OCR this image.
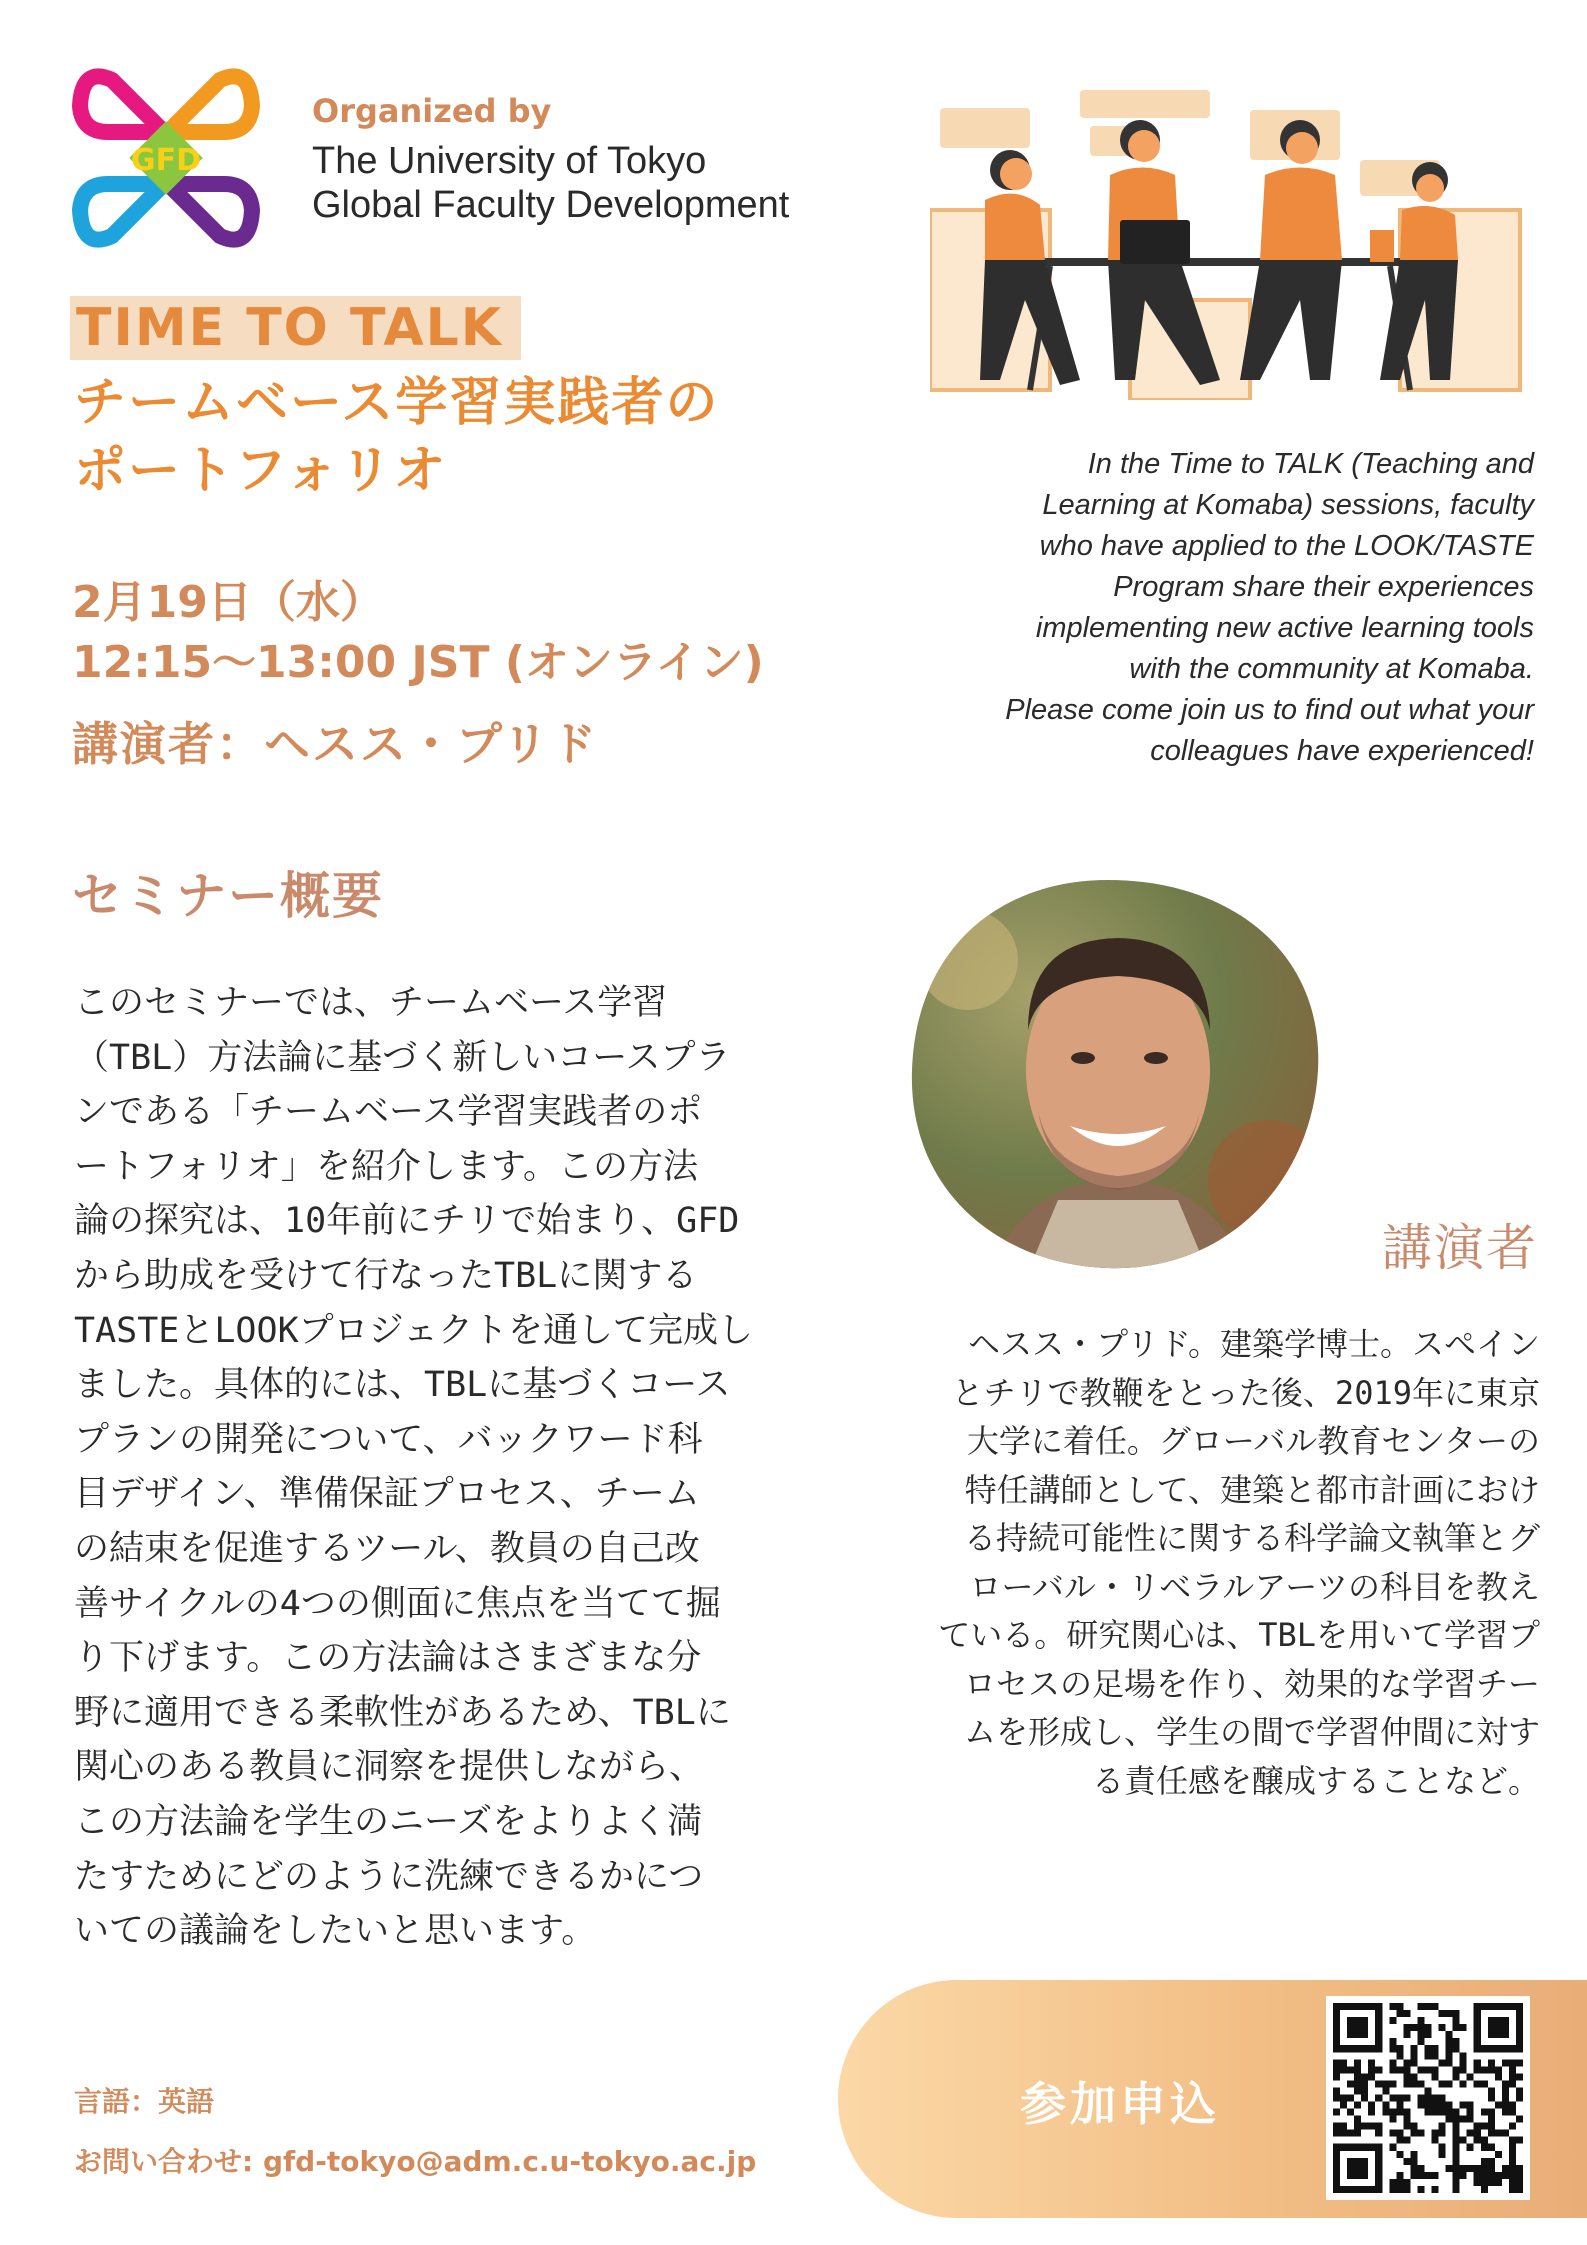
GFD
Organized by
The University of Tokyo
Global Faculty Development
TIME TO TALK
チームベース学習実践者の
ポートフォリオ
2月19日（水）
12:15〜13:00 JST (オンライン)
講演者：ヘスス・プリド
In the Time to TALK (Teaching and
Learning at Komaba) sessions, faculty
who have applied to the LOOK/TASTE
Program share their experiences
implementing new active learning tools
with the community at Komaba.
Please come join us to find out what your
colleagues have experienced!
セミナー概要
このセミナーでは、チームベース学習
（TBL）方法論に基づく新しいコースプラ
ンである「チームベース学習実践者のポ
ートフォリオ」を紹介します。この方法
論の探究は、10年前にチリで始まり、GFD
から助成を受けて行なったTBLに関する
TASTEとLOOKプロジェクトを通して完成し
ました。具体的には、TBLに基づくコース
プランの開発について、バックワード科
目デザイン、準備保証プロセス、チーム
の結束を促進するツール、教員の自己改
善サイクルの4つの側面に焦点を当てて掘
り下げます。この方法論はさまざまな分
野に適用できる柔軟性があるため、TBLに
関心のある教員に洞察を提供しながら、
この方法論を学生のニーズをよりよく満
たすためにどのように洗練できるかにつ
いての議論をしたいと思います。
講演者
ヘスス・プリド。建築学博士。スペイン
とチリで教鞭をとった後、2019年に東京
大学に着任。グローバル教育センターの
特任講師として、建築と都市計画におけ
る持続可能性に関する科学論文執筆とグ
ローバル・リベラルアーツの科目を教え
ている。研究関心は、TBLを用いて学習プ
ロセスの足場を作り、効果的な学習チー
ムを形成し、学生の間で学習仲間に対す
る責任感を醸成することなど。
言語：英語
お問い合わせ: gfd-tokyo@adm.c.u-tokyo.ac.jp
参加申込
